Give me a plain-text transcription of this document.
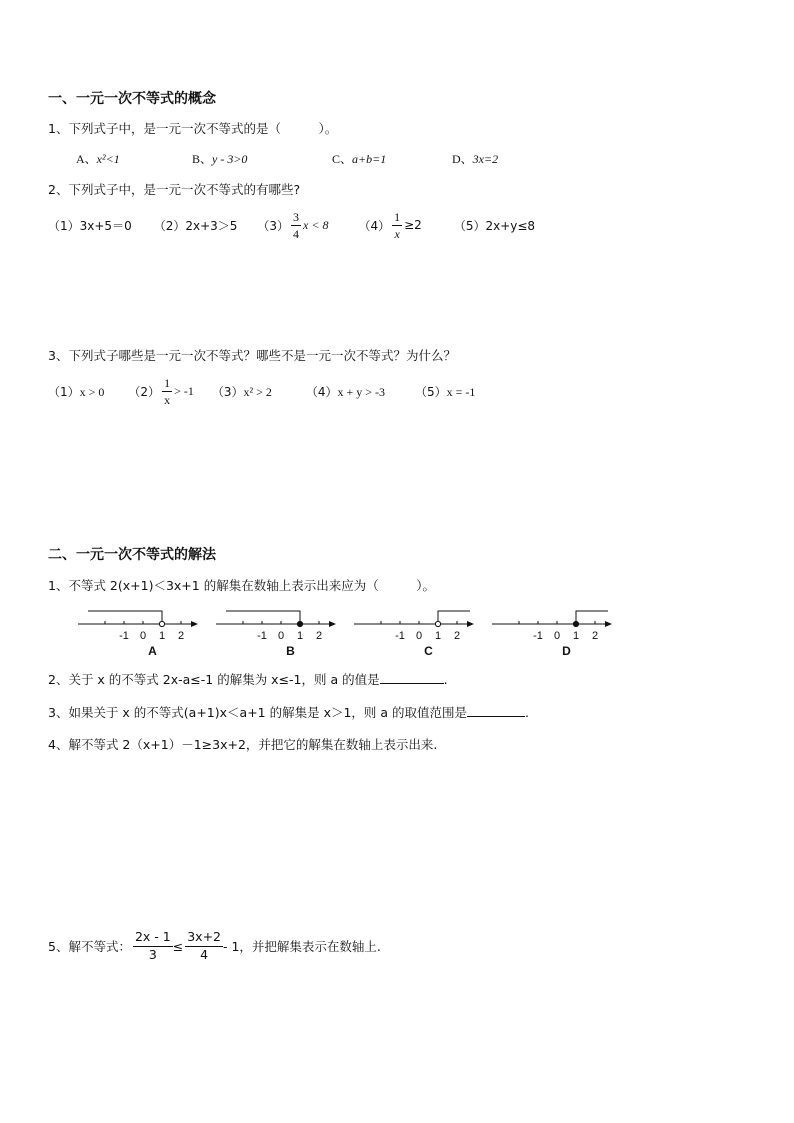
一、一元一次不等式的概念
1、下列式子中，是一元一次不等式的是（　　　）。
A、x²<1	B、y - 3>0	C、a+b=1	D、3x=2
2、下列式子中，是一元一次不等式的有哪些?
（1）3x+5＝0 （2）2x+3＞5 $(3) \frac{3}{4}$ x < 8	$(4) \frac{1}{x} \ge 2$	（5）2x+y≤8
3、下列式子哪些是一元一次不等式？哪些不是一元一次不等式？为什么？
（1）x > 0 $(2) \frac{1}{x} > -1$ （3）x² > 2	（4）x + y > -3	（5）x = -1
二、一元一次不等式的解法
1、不等式 2(x+1)＜3x+1 的解集在数轴上表示出来应为（　　　）。
-1 0 1 2
A
-1 0 1 2
B
-1 0 1 2
C
-1 0 1 2
D
2、关于 x 的不等式 2x-a≤-1 的解集为 x≤-1，则 a 的值是	.
3、如果关于 x 的不等式(a+1)x＜a+1 的解集是 x＞1，则 a 的取值范围是	.
4、解不等式 2（x+1）－1≥3x+2，并把它的解集在数轴上表示出来.
5、解不等式： $\frac{2x - 1}{3} \le \frac{3x+2}{4} - 1$，并把解集表示在数轴上.
